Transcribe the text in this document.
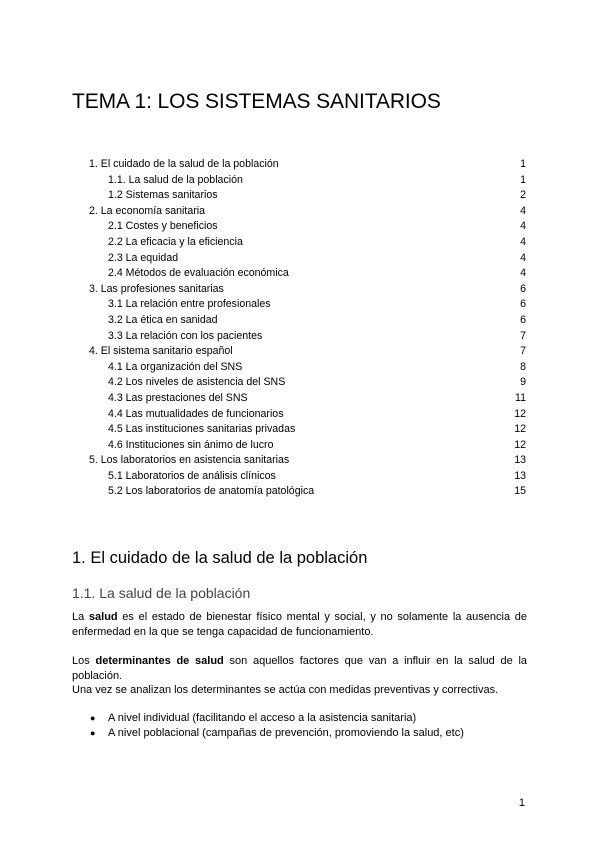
TEMA 1: LOS SISTEMAS SANITARIOS
1. El cuidado de la salud de la población	1
1.1. La salud de la población	1
1.2 Sistemas sanitarios	2
2. La economía sanitaria	4
2.1 Costes y beneficios	4
2.2 La eficacia y la eficiencia	4
2.3 La equidad	4
2.4 Métodos de evaluación económica	4
3. Las profesiones sanitarias	6
3.1 La relación entre profesionales	6
3.2 La ética en sanidad	6
3.3 La relación con los pacientes	7
4. El sistema sanitario español	7
4.1 La organización del SNS	8
4.2 Los niveles de asistencia del SNS	9
4.3 Las prestaciones del SNS	11
4.4 Las mutualidades de funcionarios	12
4.5 Las instituciones sanitarias privadas	12
4.6 Instituciones sin ánimo de lucro	12
5. Los laboratorios en asistencia sanitarias	13
5.1 Laboratorios de análisis clínicos	13
5.2 Los laboratorios de anatomía patológica	15
1. El cuidado de la salud de la población
1.1. La salud de la población

La salud es el estado de bienestar físico mental y social, y no solamente la ausencia de enfermedad en la que se tenga capacidad de funcionamiento.

Los determinantes de salud son aquellos factores que van a influir en la salud de la población.

Una vez se analizan los determinantes se actúa con medidas preventivas y correctivas.

● A nivel individual (facilitando el acceso a la asistencia sanitaria)
● A nivel poblacional (campañas de prevención, promoviendo la salud, etc)
1
